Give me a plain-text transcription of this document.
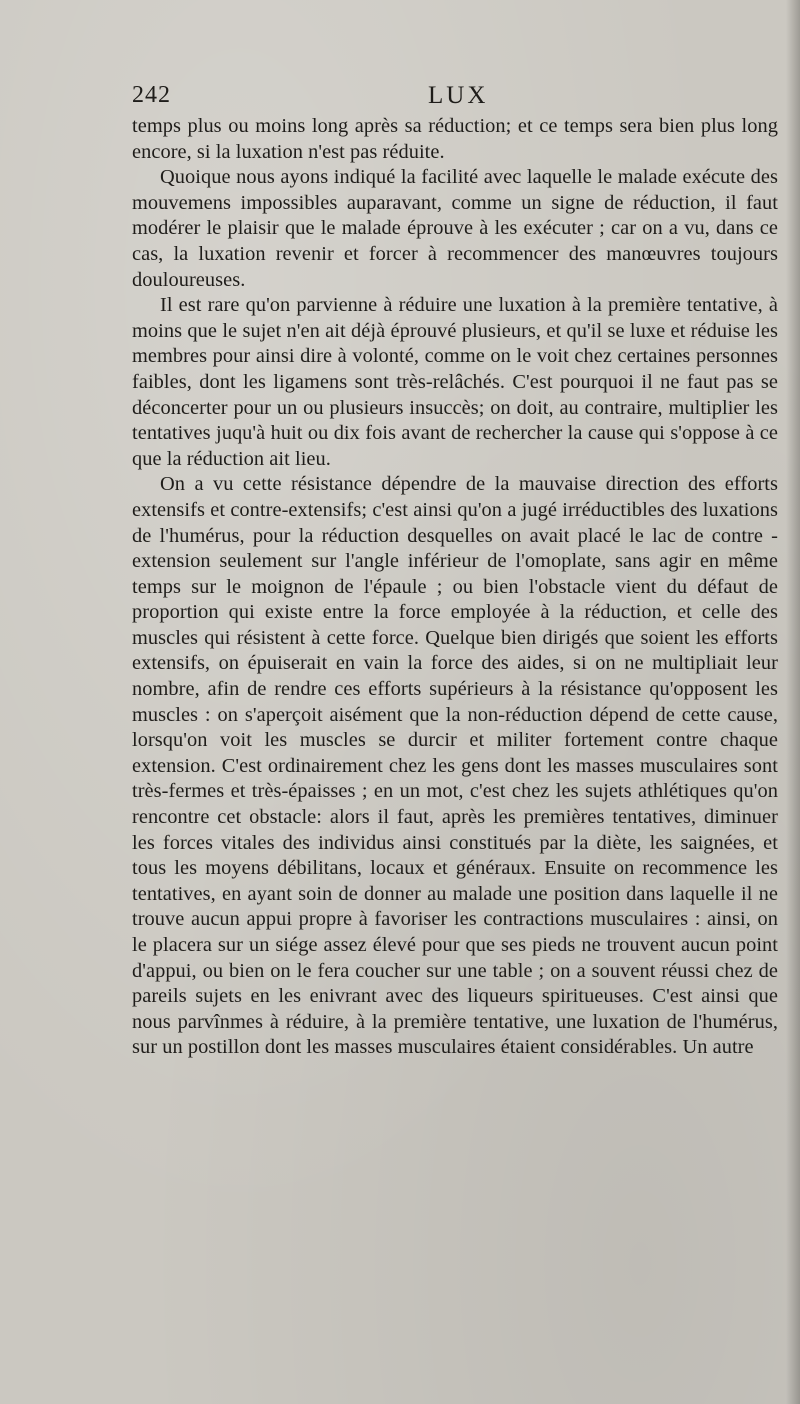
242	LUX

temps plus ou moins long après sa réduction; et ce temps sera bien plus long encore, si la luxation n'est pas réduite.

Quoique nous ayons indiqué la facilité avec laquelle le malade exécute des mouvemens impossibles auparavant, comme un signe de réduction, il faut modérer le plaisir que le malade éprouve à les exécuter ; car on a vu, dans ce cas, la luxation revenir et forcer à recommencer des manœuvres toujours douloureuses.

Il est rare qu'on parvienne à réduire une luxation à la première tentative, à moins que le sujet n'en ait déjà éprouvé plusieurs, et qu'il se luxe et réduise les membres pour ainsi dire à volonté, comme on le voit chez certaines personnes faibles, dont les ligamens sont très-relâchés. C'est pourquoi il ne faut pas se déconcerter pour un ou plusieurs insuccès; on doit, au contraire, multiplier les tentatives juqu'à huit ou dix fois avant de rechercher la cause qui s'oppose à ce que la réduction ait lieu.

On a vu cette résistance dépendre de la mauvaise direction des efforts extensifs et contre-extensifs; c'est ainsi qu'on a jugé irréductibles des luxations de l'humérus, pour la réduction desquelles on avait placé le lac de contre - extension seulement sur l'angle inférieur de l'omoplate, sans agir en même temps sur le moignon de l'épaule ; ou bien l'obstacle vient du défaut de proportion qui existe entre la force employée à la réduction, et celle des muscles qui résistent à cette force. Quelque bien dirigés que soient les efforts extensifs, on épuiserait en vain la force des aides, si on ne multipliait leur nombre, afin de rendre ces efforts supérieurs à la résistance qu'opposent les muscles : on s'aperçoit aisément que la non-réduction dépend de cette cause, lorsqu'on voit les muscles se durcir et militer fortement contre chaque extension. C'est ordinairement chez les gens dont les masses musculaires sont très-fermes et très-épaisses ; en un mot, c'est chez les sujets athlétiques qu'on rencontre cet obstacle: alors il faut, après les premières tentatives, diminuer les forces vitales des individus ainsi constitués par la diète, les saignées, et tous les moyens débilitans, locaux et généraux. Ensuite on recommence les tentatives, en ayant soin de donner au malade une position dans laquelle il ne trouve aucun appui propre à favoriser les contractions musculaires : ainsi, on le placera sur un siége assez élevé pour que ses pieds ne trouvent aucun point d'appui, ou bien on le fera coucher sur une table ; on a souvent réussi chez de pareils sujets en les enivrant avec des liqueurs spiritueuses. C'est ainsi que nous parvînmes à réduire, à la première tentative, une luxation de l'humérus, sur un postillon dont les masses musculaires étaient considérables. Un autre
